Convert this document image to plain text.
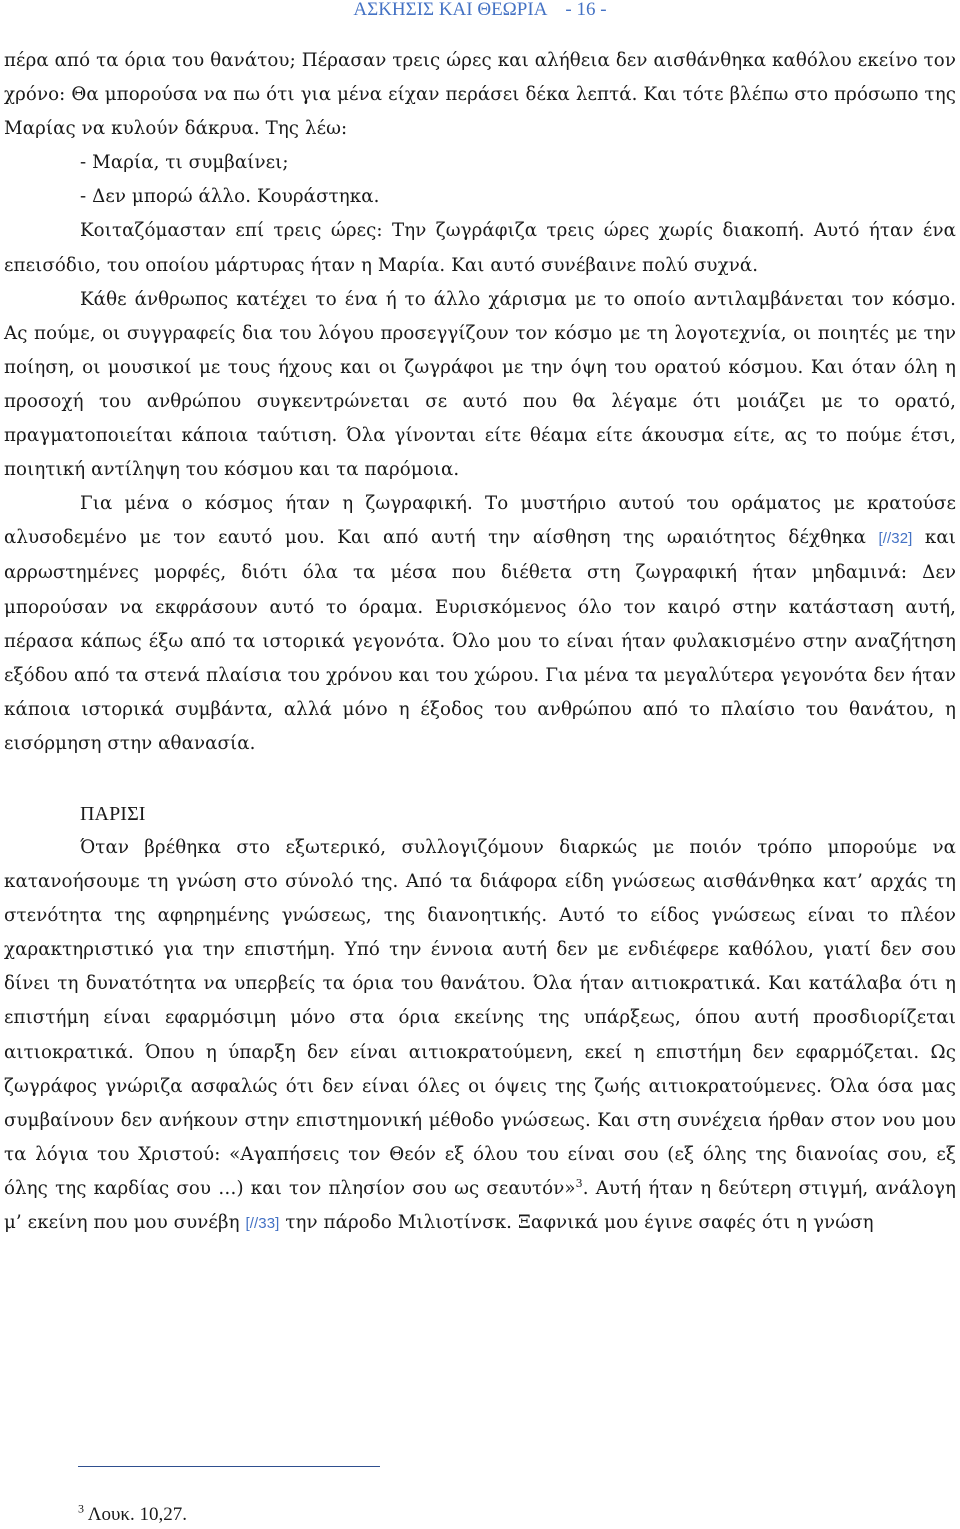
ΑΣΚΗΣΙΣ ΚΑΙ ΘΕΩΡΙΑ - 16 -

πέρα από τα όρια του θανάτου; Πέρασαν τρεις ώρες και αλήθεια δεν αισθάνθηκα καθόλου εκείνο τον χρόνο: Θα μπορούσα να πω ότι για μένα είχαν περάσει δέκα λεπτά. Και τότε βλέπω στο πρόσωπο της Μαρίας να κυλούν δάκρυα. Της λέω:

- Μαρία, τι συμβαίνει;

- Δεν μπορώ άλλο. Κουράστηκα.

Κοιταζόμασταν επί τρεις ώρες: Την ζωγράφιζα τρεις ώρες χωρίς διακοπή. Αυτό ήταν ένα επεισόδιο, του οποίου μάρτυρας ήταν η Μαρία. Και αυτό συνέβαινε πολύ συχνά.

Κάθε άνθρωπος κατέχει το ένα ή το άλλο χάρισμα με το οποίο αντιλαμβάνεται τον κόσμο. Ας πούμε, οι συγγραφείς δια του λόγου προσεγγίζουν τον κόσμο με τη λογοτεχνία, οι ποιητές με την ποίηση, οι μουσικοί με τους ήχους και οι ζωγράφοι με την όψη του ορατού κόσμου. Και όταν όλη η προσοχή του ανθρώπου συγκεντρώνεται σε αυτό που θα λέγαμε ότι μοιάζει με το ορατό, πραγματοποιείται κάποια ταύτιση. Όλα γίνονται είτε θέαμα είτε άκουσμα είτε, ας το πούμε έτσι, ποιητική αντίληψη του κόσμου και τα παρόμοια.

Για μένα ο κόσμος ήταν η ζωγραφική. Το μυστήριο αυτού του οράματος με κρατούσε αλυσοδεμένο με τον εαυτό μου. Και από αυτή την αίσθηση της ωραιότητος δέχθηκα [//32] και αρρωστημένες μορφές, διότι όλα τα μέσα που διέθετα στη ζωγραφική ήταν μηδαμινά: Δεν μπορούσαν να εκφράσουν αυτό το όραμα. Ευρισκόμενος όλο τον καιρό στην κατάσταση αυτή, πέρασα κάπως έξω από τα ιστορικά γεγονότα. Όλο μου το είναι ήταν φυλακισμένο στην αναζήτηση εξόδου από τα στενά πλαίσια του χρόνου και του χώρου. Για μένα τα μεγαλύτερα γεγονότα δεν ήταν κάποια ιστορικά συμβάντα, αλλά μόνο η έξοδος του ανθρώπου από το πλαίσιο του θανάτου, η εισόρμηση στην αθανασία.

ΠΑΡΙΣΙ

Όταν βρέθηκα στο εξωτερικό, συλλογιζόμουν διαρκώς με ποιόν τρόπο μπορούμε να κατανοήσουμε τη γνώση στο σύνολό της. Από τα διάφορα είδη γνώσεως αισθάνθηκα κατ’ αρχάς τη στενότητα της αφηρημένης γνώσεως, της διανοητικής. Αυτό το είδος γνώσεως είναι το πλέον χαρακτηριστικό για την επιστήμη. Υπό την έννοια αυτή δεν με ενδιέφερε καθόλου, γιατί δεν σου δίνει τη δυνατότητα να υπερβείς τα όρια του θανάτου. Όλα ήταν αιτιοκρατικά. Και κατάλαβα ότι η επιστήμη είναι εφαρμόσιμη μόνο στα όρια εκείνης της υπάρξεως, όπου αυτή προσδιορίζεται αιτιοκρατικά. Όπου η ύπαρξη δεν είναι αιτιοκρατούμενη, εκεί η επιστήμη δεν εφαρμόζεται. Ως ζωγράφος γνώριζα ασφαλώς ότι δεν είναι όλες οι όψεις της ζωής αιτιοκρατούμενες. Όλα όσα μας συμβαίνουν δεν ανήκουν στην επιστημονική μέθοδο γνώσεως. Και στη συνέχεια ήρθαν στον νου μου τα λόγια του Χριστού: «Αγαπήσεις τον Θεόν εξ όλου του είναι σου (εξ όλης της διανοίας σου, εξ όλης της καρδίας σου …) και τον πλησίον σου ως σεαυτόν»$^3$. Αυτή ήταν η δεύτερη στιγμή, ανάλογη μ’ εκείνη που μου συνέβη [//33] την πάροδο Μιλιοτίνσκ. Ξαφνικά μου έγινε σαφές ότι η γνώση

$^3$ Λουκ. 10,27.
